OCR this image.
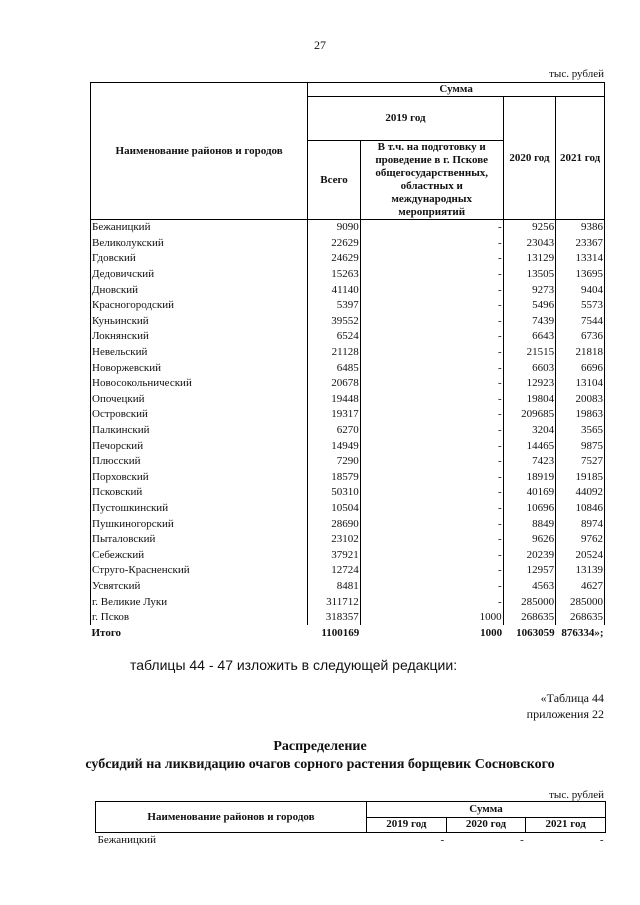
27
тыс. рублей
Наименование районов и городов	Сумма			
	2019 год		2020 год	2021 год
	Всего	В т.ч. на подготовку и проведение в г. Пскове общегосударственных, областных и международных мероприятий		
Бежаницкий	9090	-	9256	9386
Великолукский	22629	-	23043	23367
Гдовский	24629	-	13129	13314
Дедовичский	15263	-	13505	13695
Дновский	41140	-	9273	9404
Красногородский	5397	-	5496	5573
Куньинский	39552	-	7439	7544
Локнянский	6524	-	6643	6736
Невельский	21128	-	21515	21818
Новоржевский	6485	-	6603	6696
Новосокольнический	20678	-	12923	13104
Опочецкий	19448	-	19804	20083
Островский	19317	-	209685	19863
Палкинский	6270	-	3204	3565
Печорский	14949	-	14465	9875
Плюсский	7290	-	7423	7527
Порховский	18579	-	18919	19185
Псковский	50310	-	40169	44092
Пустошкинский	10504	-	10696	10846
Пушкиногорский	28690	-	8849	8974
Пыталовский	23102	-	9626	9762
Себежский	37921	-	20239	20524
Струго-Красненский	12724	-	12957	13139
Усвятский	8481	-	4563	4627
г. Великие Луки	311712	-	285000	285000
г. Псков	318357	1000	268635	268635
Итого	1100169	1000	1063059	876334»;
таблицы 44 - 47 изложить в следующей редакции:
«Таблица 44
приложения 22
Распределение
субсидий на ликвидацию очагов сорного растения борщевик Сосновского
тыс. рублей
Наименование районов и городов	Сумма		
	2019 год	2020 год	2021 год
Бежаницкий	-	-	-
